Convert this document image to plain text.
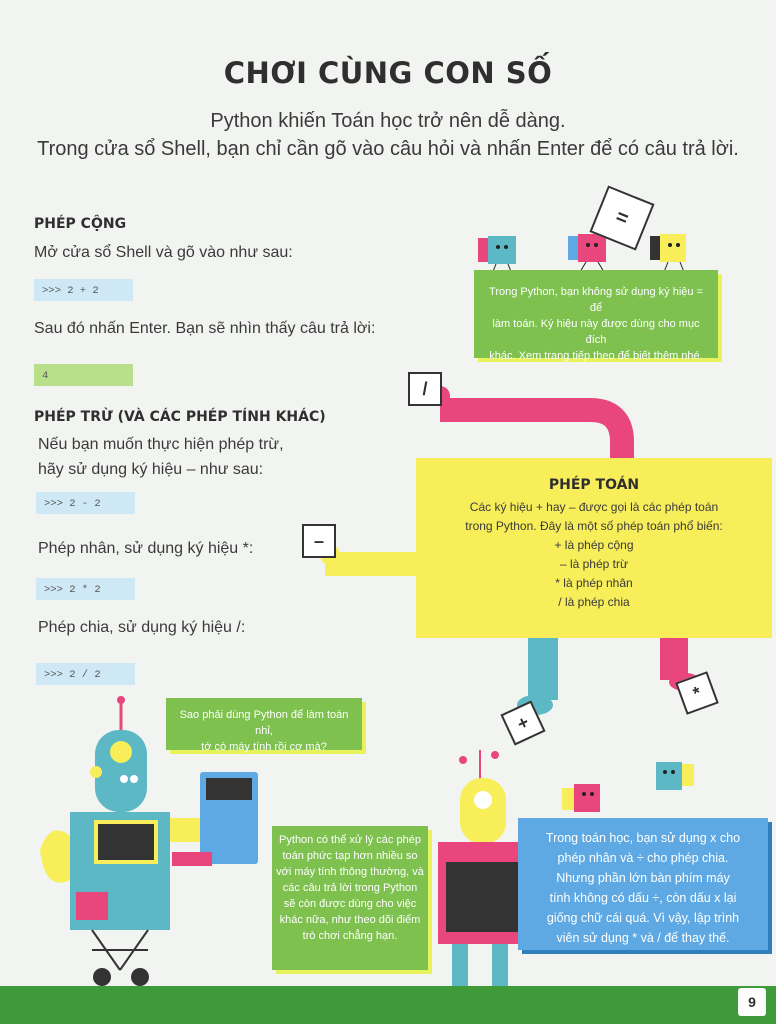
=
/
–
*
+
CHƠI CÙNG CON SỐ
Python khiến Toán học trở nên dễ dàng.
Trong cửa sổ Shell, bạn chỉ cần gõ vào câu hỏi và nhấn Enter để có câu trả lời.
PHÉP CỘNG
Mở cửa sổ Shell và gõ vào như sau:
>>> 2 + 2
Sau đó nhấn Enter. Bạn sẽ nhìn thấy câu trả lời:
4
PHÉP TRỪ (VÀ CÁC PHÉP TÍNH KHÁC)
Nếu bạn muốn thực hiện phép trừ,
hãy sử dụng ký hiệu – như sau:
>>> 2 - 2
Phép nhân, sử dụng ký hiệu *:
>>> 2 * 2
Phép chia, sử dụng ký hiệu /:
>>> 2 / 2
Trong Python, bạn không sử dụng ký hiệu = để
làm toán. Ký hiệu này được dùng cho mục đích
khác. Xem trang tiếp theo để biết thêm nhé.
PHÉP TOÁN
Các ký hiệu + hay – được gọi là các phép toán
trong Python. Đây là một số phép toán phổ biến:
+ là phép cộng
– là phép trừ
* là phép nhân
/ là phép chia
Sao phải dùng Python để làm toán nhỉ,
tớ có máy tính rồi cơ mà?
Python có thể xử lý các phép
toán phức tạp hơn nhiều so
với máy tính thông thường, và
các câu trả lời trong Python
sẽ còn được dùng cho việc
khác nữa, như theo dõi điểm
trò chơi chẳng hạn.
Trong toán học, bạn sử dụng x cho
phép nhân và ÷ cho phép chia.
Nhưng phần lớn bàn phím máy
tính không có dấu ÷, còn dấu x lại
giống chữ cái quá. Vì vậy, lập trình
viên sử dụng * và / để thay thế.
9
